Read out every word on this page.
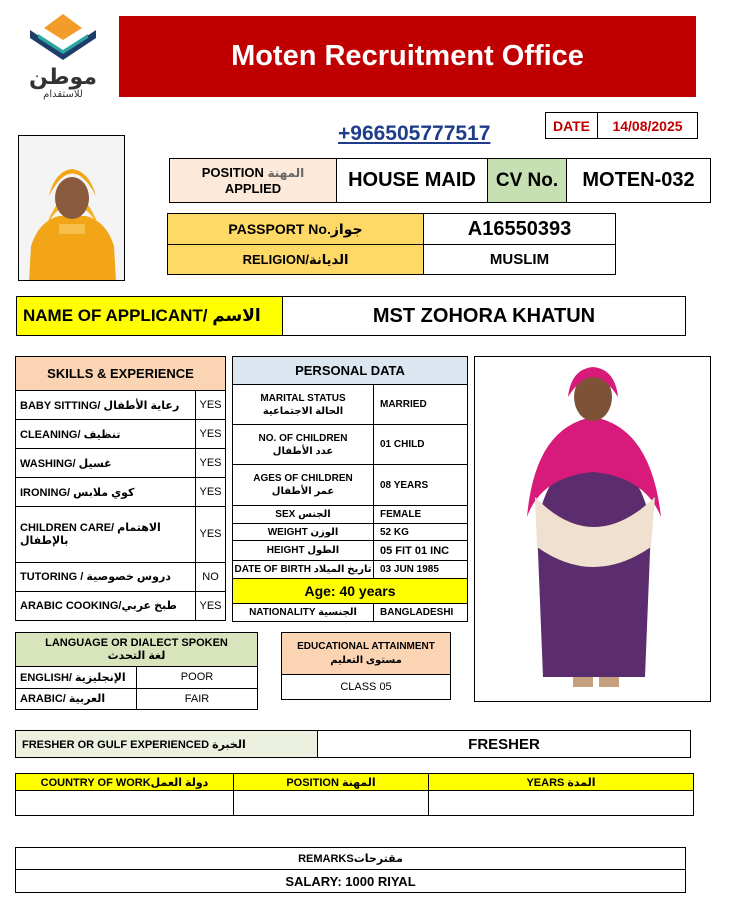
موطن
للاستقدام
Moten Recruitment Office
+966505777517	DATE	14/08/2025
POSITION المهنة
APPLIED	HOUSE MAID	CV No.	MOTEN-032
PASSPORT No.جواز	A16550393
RELIGION/الديانة	MUSLIM
NAME OF APPLICANT/ الاسم	MST ZOHORA KHATUN
SKILLS & EXPERIENCE	
BABY SITTING/ رعاية الأطفال	YES
CLEANING/ تنظيف	YES
WASHING/ غسيل	YES
IRONING/ كوي ملابس	YES
CHILDREN CARE/ الاهتمام بالإطفال	YES
TUTORING / دروس خصوصية	NO
ARABIC COOKING/طبخ عربي	YES
PERSONAL DATA	
MARITAL STATUS
الحالة الاجتماعية	MARRIED
NO. OF CHILDREN
عدد الأطفال	01 CHILD
AGES OF CHILDREN
عمر الأطفال	08 YEARS
SEX الجنس	FEMALE
WEIGHT الوزن	52 KG
HEIGHT الطول	05 FIT 01 INC
DATE OF BIRTH تاريخ الميلاد	03 JUN 1985
Age: 40 years	
NATIONALITY الجنسية	BANGLADESHI
LANGUAGE OR DIALECT SPOKEN
لغة التحدث	
ENGLISH/ الإنجليزية	POOR
ARABIC/ العربية	FAIR
EDUCATIONAL ATTAINMENT
مستوى التعليم
CLASS 05
FRESHER OR GULF EXPERIENCED الخبرة	FRESHER
COUNTRY OF WORKدولة العمل	POSITION المهنة	YEARS المدة

REMARKSمقترحات
SALARY: 1000 RIYAL
